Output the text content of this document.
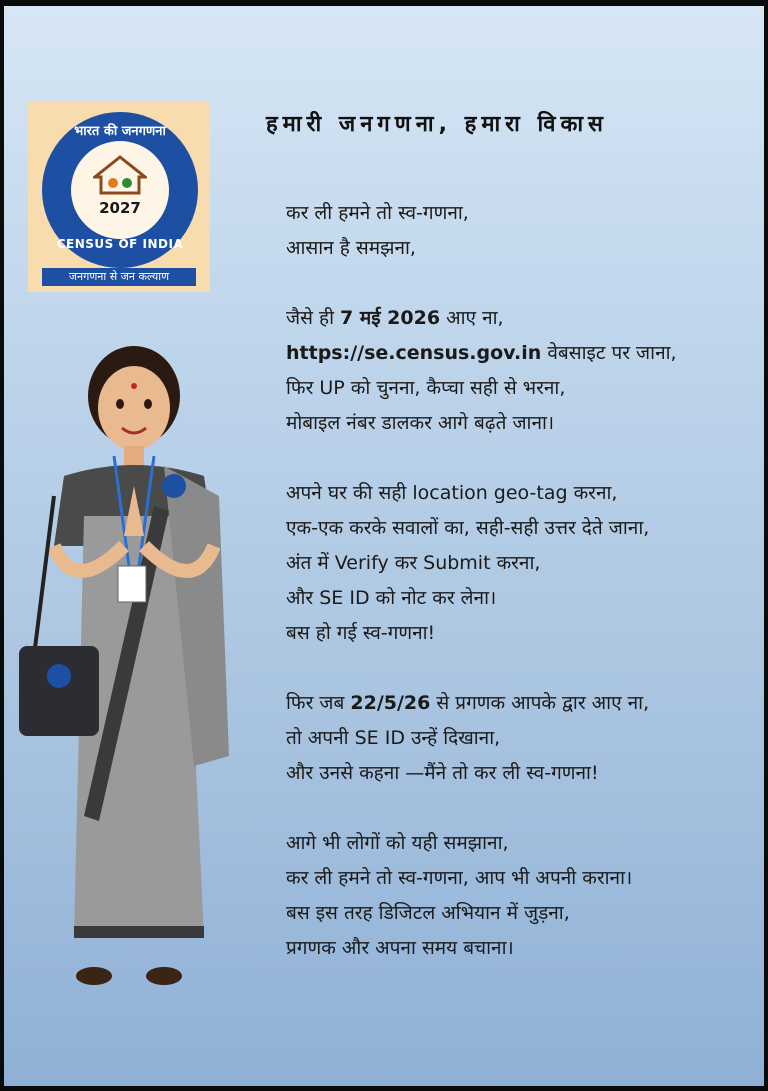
भारत की जनगणना
2027
CENSUS OF INDIA
जनगणना से जन कल्याण
हमारी जनगणना, हमारा विकास
कर ली हमने तो स्व-गणना,
आसान है समझना,
जैसे ही 7 मई 2026 आए ना,
https://se.census.gov.in वेबसाइट पर जाना,
फिर UP को चुनना, कैप्चा सही से भरना,
मोबाइल नंबर डालकर आगे बढ़ते जाना।
अपने घर की सही location geo-tag करना,
एक-एक करके सवालों का, सही-सही उत्तर देते जाना,
अंत में Verify कर Submit करना,
और SE ID को नोट कर लेना।
बस हो गई स्व-गणना!
फिर जब 22/5/26 से प्रगणक आपके द्वार आए ना,
तो अपनी SE ID उन्हें दिखाना,
और उनसे कहना —मैंने तो कर ली स्व-गणना!
आगे भी लोगों को यही समझाना,
कर ली हमने तो स्व-गणना, आप भी अपनी कराना।
बस इस तरह डिजिटल अभियान में जुड़ना,
प्रगणक और अपना समय बचाना।
